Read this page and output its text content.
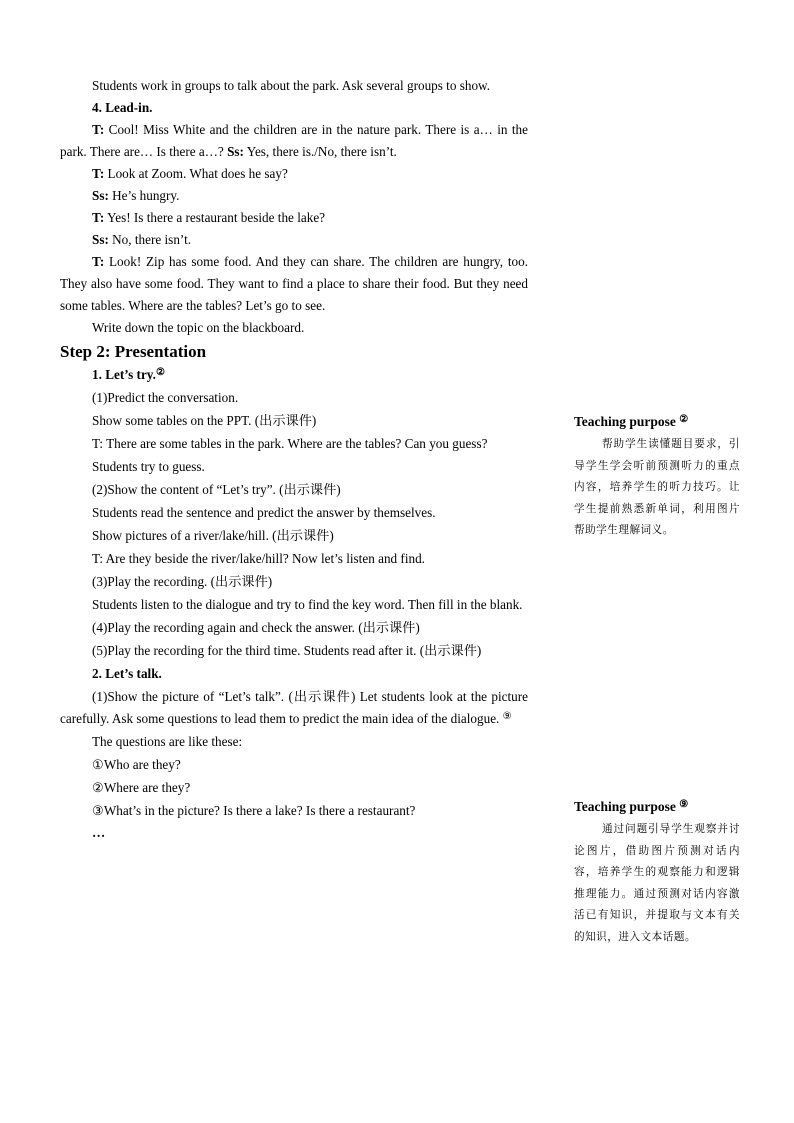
Students work in groups to talk about the park. Ask several groups to show.

4. Lead-in.

T: Cool! Miss White and the children are in the nature park. There is a… in the park. There are… Is there a…? Ss: Yes, there is./No, there isn’t.

T: Look at Zoom. What does he say?

Ss: He’s hungry.

T: Yes! Is there a restaurant beside the lake?

Ss: No, there isn’t.

T: Look! Zip has some food. And they can share. The children are hungry, too. They also have some food. They want to find a place to share their food. But they need some tables. Where are the tables? Let’s go to see.

Write down the topic on the blackboard.

Step 2: Presentation

1. Let’s try.②

(1)Predict the conversation.

Show some tables on the PPT. (出示课件)

T: There are some tables in the park. Where are the tables? Can you guess?

Students try to guess.

(2)Show the content of “Let’s try”. (出示课件)

Students read the sentence and predict the answer by themselves.

Show pictures of a river/lake/hill. (出示课件)

T: Are they beside the river/lake/hill? Now let’s listen and find.

(3)Play the recording. (出示课件)

Students listen to the dialogue and try to find the key word. Then fill in the blank.

(4)Play the recording again and check the answer. (出示课件)

(5)Play the recording for the third time. Students read after it. (出示课件)

2. Let’s talk.

(1)Show the picture of “Let’s talk”. (出示课件) Let students look at the picture carefully. Ask some questions to lead them to predict the main idea of the dialogue. ⑨

The questions are like these:

①Who are they?

②Where are they?

③What’s in the picture? Is there a lake? Is there a restaurant?

…

Teaching purpose ②

帮助学生读懂题目要求，引导学生学会听前预测听力的重点内容，培养学生的听力技巧。让学生提前熟悉新单词，利用图片帮助学生理解词义。

Teaching purpose ⑨

通过问题引导学生观察并讨论图片，借助图片预测对话内容，培养学生的观察能力和逻辑推理能力。通过预测对话内容激活已有知识，并提取与文本有关的知识，进入文本话题。
